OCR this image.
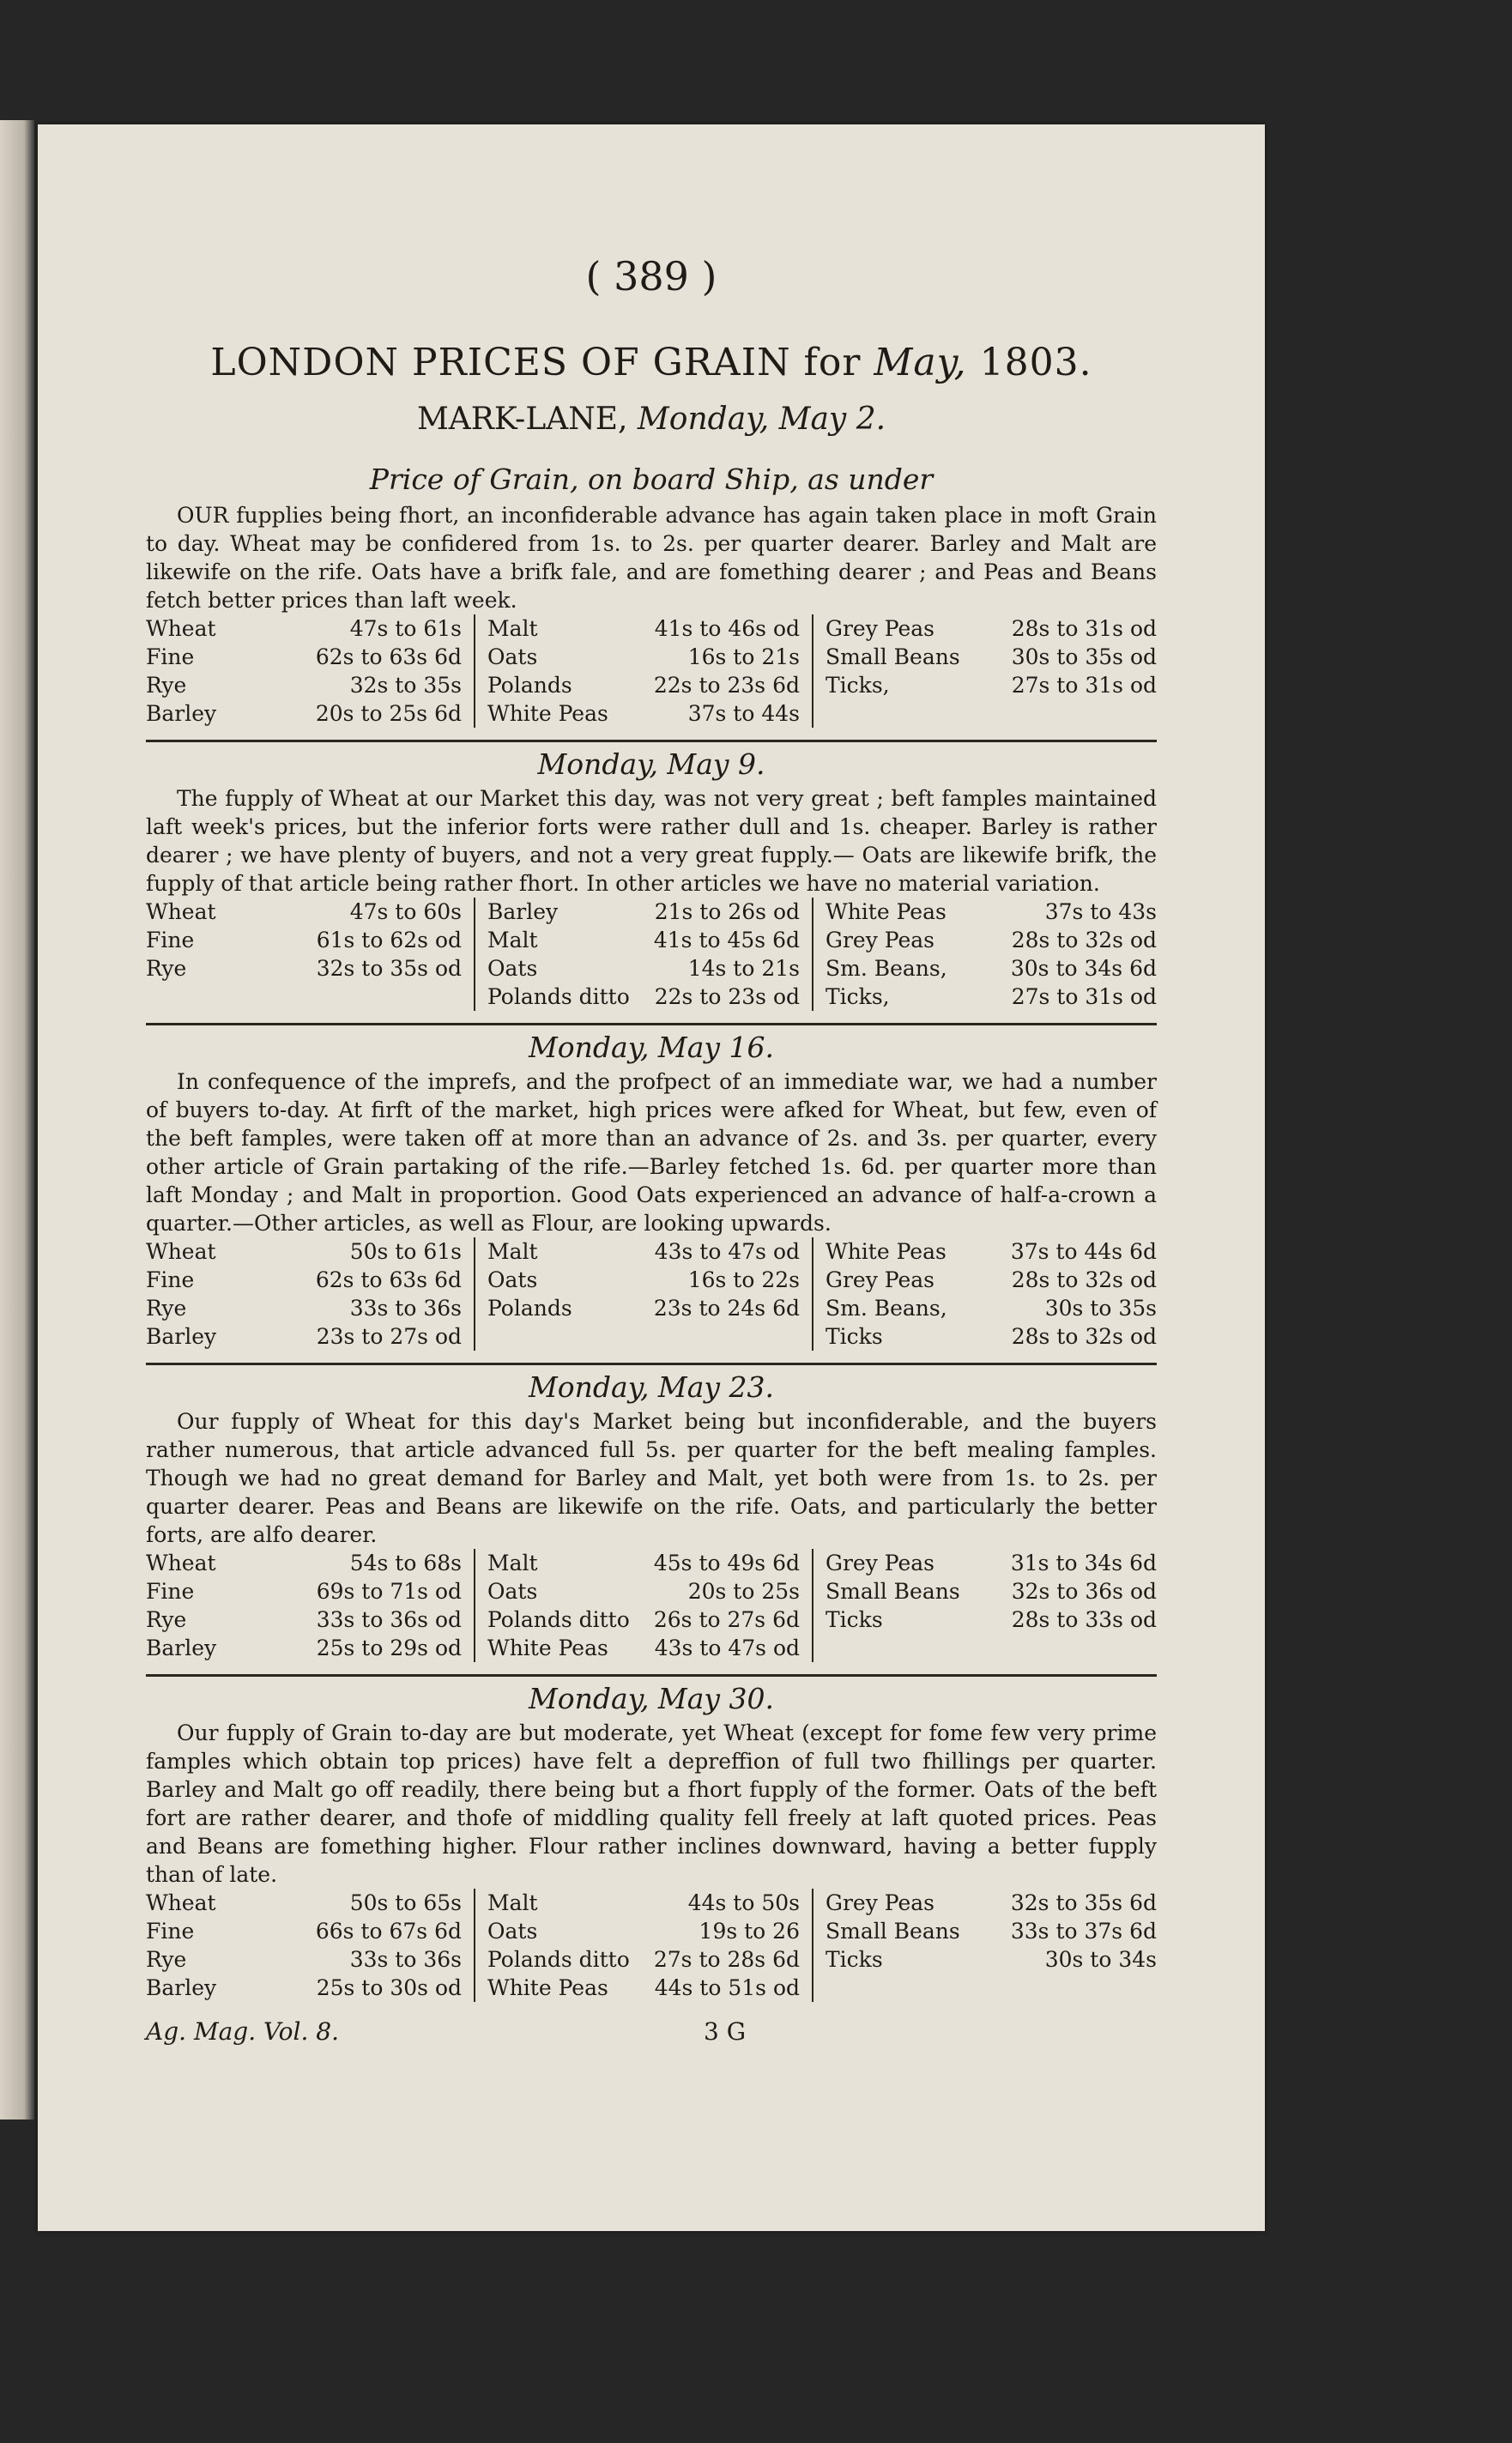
( 389 )
LONDON PRICES OF GRAIN for May, 1803.
MARK-LANE, Monday, May 2.
Price of Grain, on board Ship, as under

OUR fupplies being fhort, an inconfiderable advance has again taken place in moft Grain to day. Wheat may be confidered from 1s. to 2s. per quarter dearer. Barley and Malt are likewife on the rife. Oats have a brifk fale, and are fomething dearer ; and Peas and Beans fetch better prices than laft week.

Wheat	47s to 61s
Fine	62s to 63s 6d
Rye	32s to 35s
Barley	20s to 25s 6d
Malt	41s to 46s od
Oats	16s to 21s
Polands	22s to 23s 6d
White Peas	37s to 44s
Grey Peas	28s to 31s od
Small Beans 30s to 35s od
Ticks,	27s to 31s od
Monday, May 9.

The fupply of Wheat at our Market this day, was not very great ; beft famples maintained laft week's prices, but the inferior forts were rather dull and 1s. cheaper. Barley is rather dearer ; we have plenty of buyers, and not a very great fupply.— Oats are likewife brifk, the fupply of that article being rather fhort. In other articles we have no material variation.

Wheat	47s to 60s
Fine	61s to 62s od
Rye	32s to 35s od
Barley	21s to 26s od
Malt	41s to 45s 6d
Oats	14s to 21s
Polands ditto 22s to 23s od
White Peas	37s to 43s
Grey Peas	28s to 32s od
Sm. Beans,	30s to 34s 6d
Ticks,	27s to 31s od
Monday, May 16.

In confequence of the imprefs, and the profpect of an immediate war, we had a number of buyers to-day. At firft of the market, high prices were afked for Wheat, but few, even of the beft famples, were taken off at more than an advance of 2s. and 3s. per quarter, every other article of Grain partaking of the rife.—Barley fetched 1s. 6d. per quarter more than laft Monday ; and Malt in proportion. Good Oats experienced an advance of half-a-crown a quarter.—Other articles, as well as Flour, are looking upwards.

Wheat	50s to 61s
Fine	62s to 63s 6d
Rye	33s to 36s
Barley	23s to 27s od
Malt	43s to 47s od
Oats	16s to 22s
Polands	23s to 24s 6d
White Peas	37s to 44s 6d
Grey Peas	28s to 32s od
Sm. Beans,	30s to 35s
Ticks	28s to 32s od
Monday, May 23.

Our fupply of Wheat for this day's Market being but inconfiderable, and the buyers rather numerous, that article advanced full 5s. per quarter for the beft mealing famples. Though we had no great demand for Barley and Malt, yet both were from 1s. to 2s. per quarter dearer. Peas and Beans are likewife on the rife. Oats, and particularly the better forts, are alfo dearer.

Wheat	54s to 68s
Fine	69s to 71s od
Rye	33s to 36s od
Barley	25s to 29s od
Malt	45s to 49s 6d
Oats	20s to 25s
Polands ditto 26s to 27s 6d
White Peas 43s to 47s od
Grey Peas	31s to 34s 6d
Small Beans 32s to 36s od
Ticks	28s to 33s od
Monday, May 30.

Our fupply of Grain to-day are but moderate, yet Wheat (except for fome few very prime famples which obtain top prices) have felt a depreffion of full two fhillings per quarter. Barley and Malt go off readily, there being but a fhort fupply of the former. Oats of the beft fort are rather dearer, and thofe of middling quality fell freely at laft quoted prices. Peas and Beans are fomething higher. Flour rather inclines downward, having a better fupply than of late.

Wheat	50s to 65s
Fine	66s to 67s 6d
Rye	33s to 36s
Barley	25s to 30s od
Malt	44s to 50s
Oats	19s to 26
Polands ditto 27s to 28s 6d
White Peas 44s to 51s od
Grey Peas	32s to 35s 6d
Small Beans 33s to 37s 6d
Ticks	30s to 34s
Ag. Mag. Vol. 8.	3 G
